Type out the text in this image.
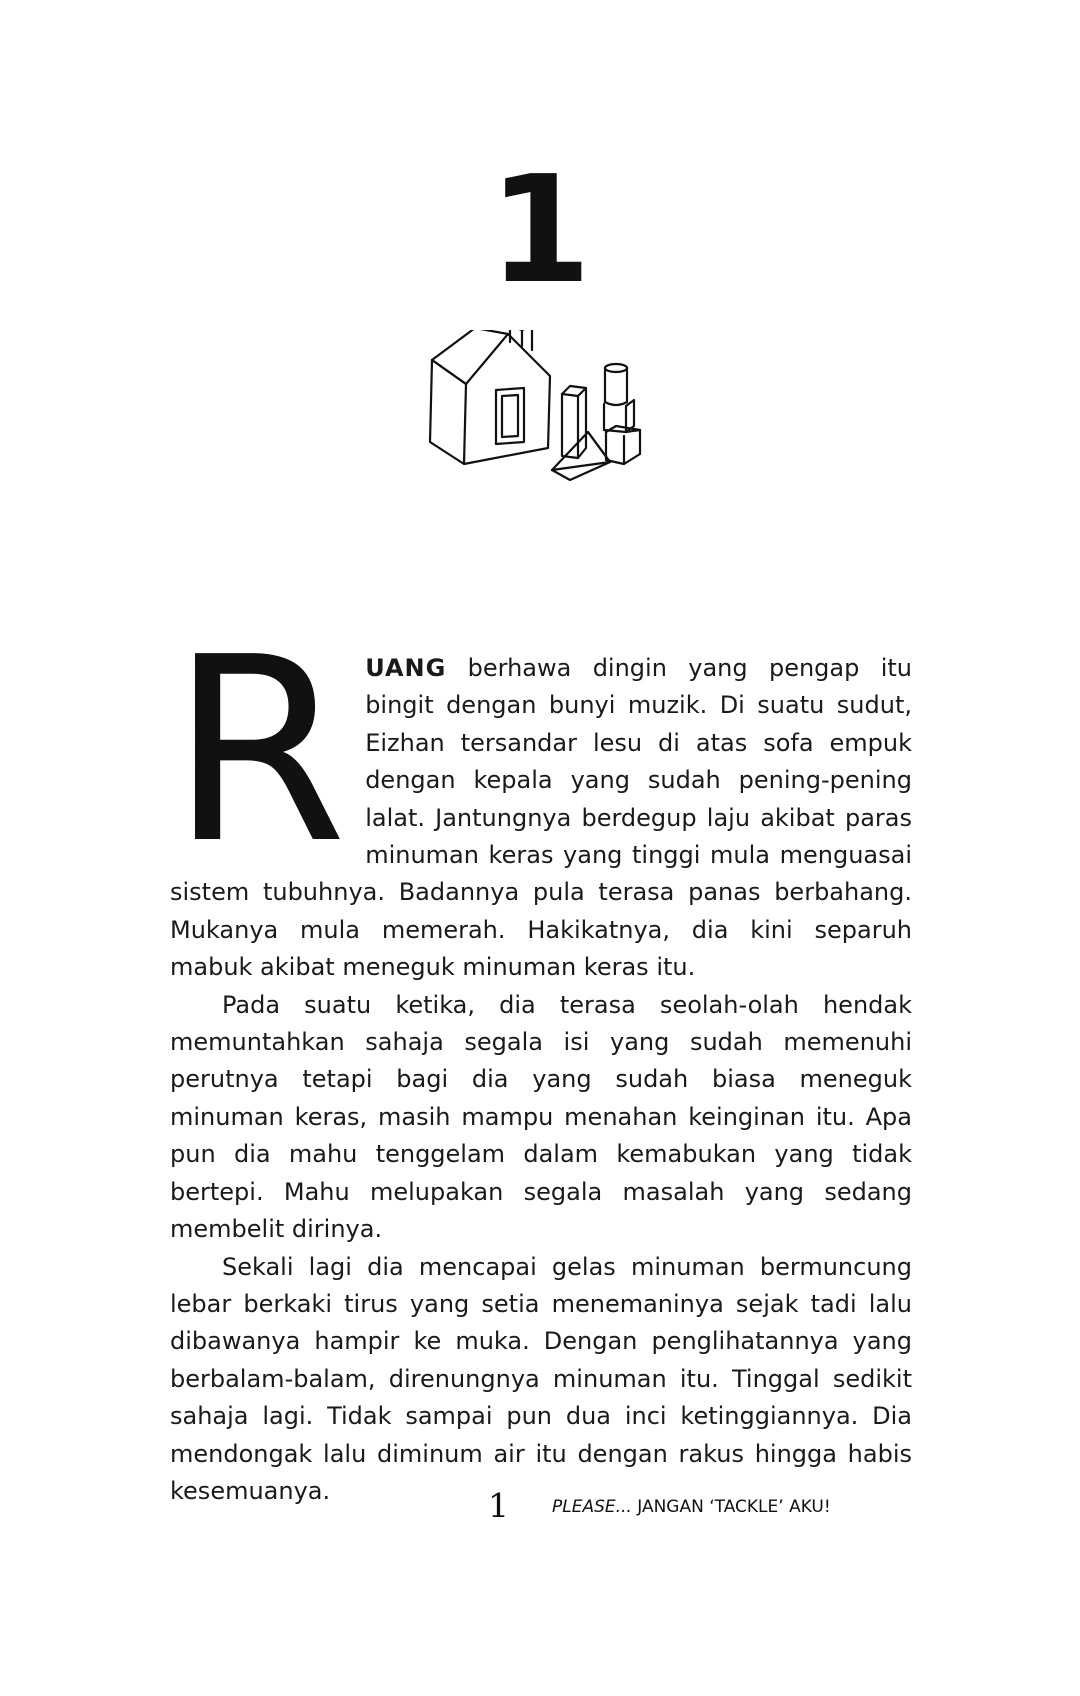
1

RUANG berhawa dingin yang pengap itu bingit dengan bunyi muzik. Di suatu sudut, Eizhan tersandar lesu di atas sofa empuk dengan kepala yang sudah pening-pening lalat. Jantungnya berdegup laju akibat paras minuman keras yang tinggi mula menguasai sistem tubuhnya. Badannya pula terasa panas berbahang. Mukanya mula memerah. Hakikatnya, dia kini separuh mabuk akibat meneguk minuman keras itu.

Pada suatu ketika, dia terasa seolah-olah hendak memuntahkan sahaja segala isi yang sudah memenuhi perutnya tetapi bagi dia yang sudah biasa meneguk minuman keras, masih mampu menahan keinginan itu. Apa pun dia mahu tenggelam dalam kemabukan yang tidak bertepi. Mahu melupakan segala masalah yang sedang membelit dirinya.

Sekali lagi dia mencapai gelas minuman bermuncung lebar berkaki tirus yang setia menemaninya sejak tadi lalu dibawanya hampir ke muka. Dengan penglihatannya yang berbalam-balam, direnungnya minuman itu. Tinggal sedikit sahaja lagi. Tidak sampai pun dua inci ketinggiannya. Dia mendongak lalu diminum air itu dengan rakus hingga habis kesemuanya.	1	PLEASE... JANGAN ‘TACKLE’ AKU!
